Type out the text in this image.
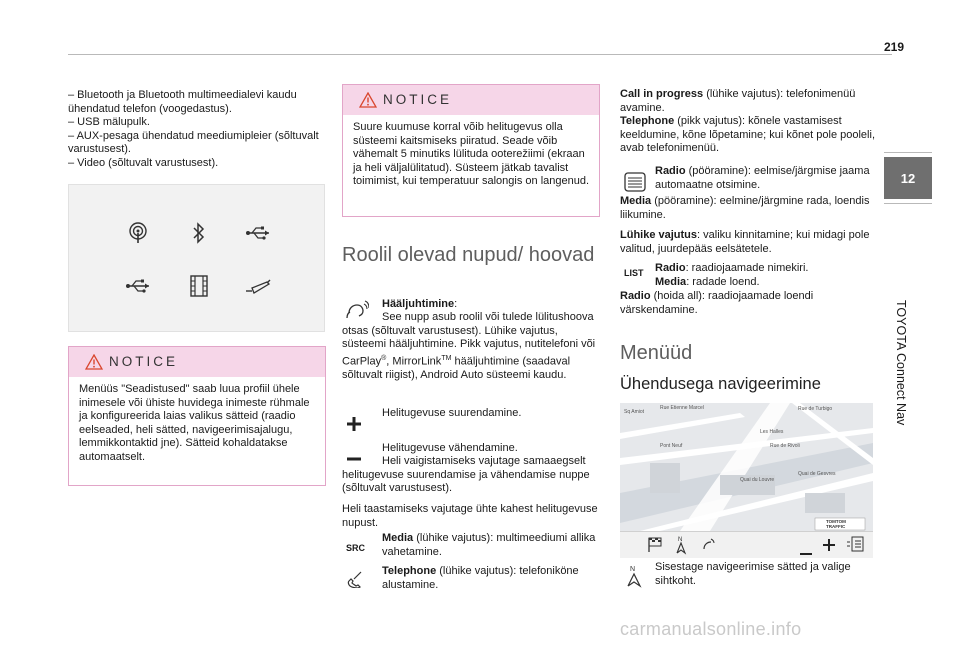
219
12
TOYOTA Connect Nav

– Bluetooth ja Bluetooth multimeedialevi kaudu ühendatud telefon (voogedastus).

– USB mälupulk.

– AUX-pesaga ühendatud meediumipleier (sõltuvalt varustusest).

– Video (sõltuvalt varustusest).

NOTICE
Menüüs "Seadistused" saab luua profiil ühele inimesele või ühiste huvidega inimeste rühmale ja konfigureerida laias valikus sätteid (raadio eelseaded, heli sätted, navigeerimisajalugu, lemmikkontaktid jne). Sätteid kohaldatakse automaatselt.
NOTICE
Suure kuumuse korral võib helitugevus olla süsteemi kaitsmiseks piiratud. Seade võib vähemalt 5 minutiks lülituda ooterežiimi (ekraan ja heli väljalülitatud). Süsteem jätkab tavalist toimimist, kui temperatuur salongis on langenud.
Roolil olevad nupud/ hoovad
Hääljuhtimine:
See nupp asub roolil või tulede lülitushoova otsas (sõltuvalt varustusest). Lühike vajutus, süsteemi hääljuhtimine. Pikk vajutus, nutitelefoni või CarPlay®, MirrorLink™ hääljuhtimine (saadaval sõltuvalt riigist), Android Auto süsteemi kaudu.
Helitugevuse suurendamine.
Helitugevuse vähendamine.
Heli vaigistamiseks vajutage samaaegselt helitugevuse suurendamise ja vähendamise nuppe (sõltuvalt varustusest).
Heli taastamiseks vajutage ühte kahest helitugevuse nupust.
SRC
Media (lühike vajutus): multimeediumi allika vahetamine.
Telephone (lühike vajutus): telefoniköne alustamine.
Call in progress (lühike vajutus): telefonimenüü avamine.
Telephone (pikk vajutus): kõnele vastamisest keeldumine, kõne lõpetamine; kui kõnet pole pooleli, avab telefonimenüü.
Radio (pööramine): eelmise/järgmise jaama automaatne otsimine.
Media (pööramine): eelmine/järgmine rada, loendis liikumine.
Lühike vajutus: valiku kinnitamine; kui midagi pole valitud, juurdepääs eelsätetele.
LIST Radio: raadiojaamade nimekiri.
Media: radade loend.
Radio (hoida all): raadiojaamade loendi värskendamine.
Menüüd
Ühendusega navigeerimine
Sq Amiot
Rue Etienne Marcel	Rue de Turbigo
Les Halles
Rue de Rivoli
Pont Neuf
Quai du Louvre
Quai de Gesvres
TOMTOM
TRAFFIC
N
N Sisestage navigeerimise sätted ja valige sihtkoht.
carmanualsonline.info
